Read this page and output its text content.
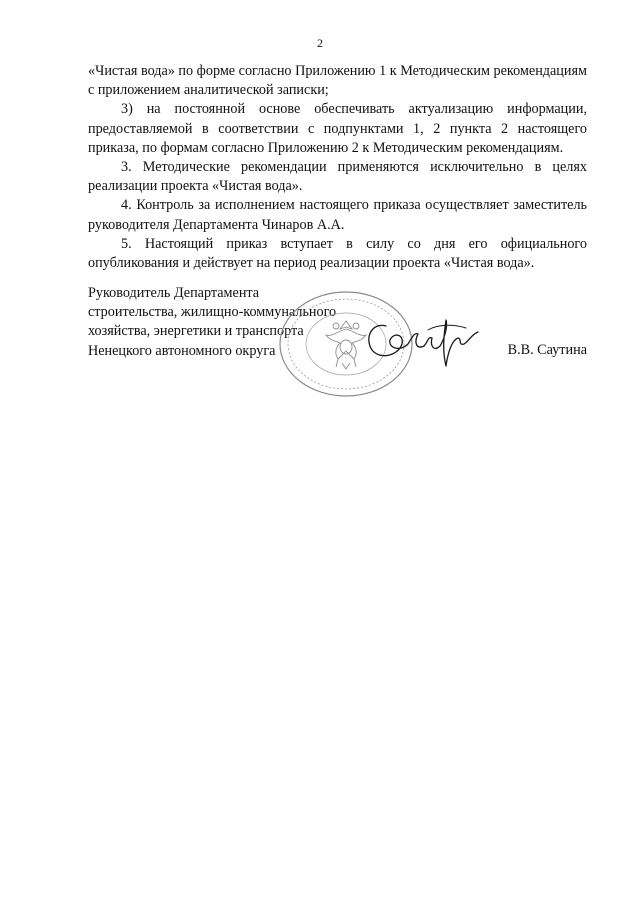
2

«Чистая вода» по форме согласно Приложению 1 к Методическим рекомендациям с приложением аналитической записки;

3) на постоянной основе обеспечивать актуализацию информации, предоставляемой в соответствии с подпунктами 1, 2 пункта 2 настоящего приказа, по формам согласно Приложению 2 к Методическим рекомендациям.

3. Методические рекомендации применяются исключительно в целях реализации проекта «Чистая вода».

4. Контроль за исполнением настоящего приказа осуществляет заместитель руководителя Департамента Чинаров А.А.

5. Настоящий приказ вступает в силу со дня его официального опубликования и действует на период реализации проекта «Чистая вода».

Руководитель Департамента
строительства, жилищно-коммунального
хозяйства, энергетики и транспорта
Ненецкого автономного округа	В.В. Саутина
